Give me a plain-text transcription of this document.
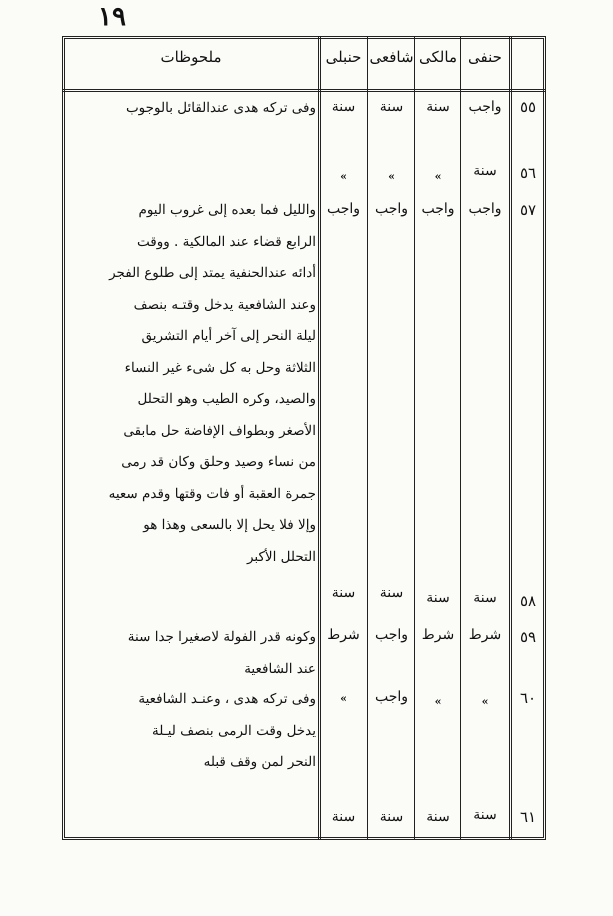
١٩
حنفى
مالكى
شافعى
حنبلى
ملحوظات
٥٥
واجب
سنة
سنة
سنة
وفى تركه هدى عندالقائل بالوجوب
٥٦
سنة
»
»
»
٥٧
واجب
واجب
واجب
واجب
والليل فما بعده إلى غروب اليوم
الرابع قضاء عند المالكية . ووقت
أدائه عندالحنفية يمتد إلى طلوع الفجر
وعند الشافعية يدخل وقتـه بنصف
ليلة النحر إلى آخر أيام التشريق
الثلاثة وحل به كل شىء غير النساء
والصيد، وكره الطيب وهو التحلل
الأصغر وبطواف الإفاضة حل مابقى
من نساء وصيد وحلق وكان قد رمى
جمرة العقبة أو فات وقتها وقدم سعيه
وإلا فلا يحل إلا بالسعى وهذا هو
التحلل الأكبر
٥٨
سنة
سنة
سنة
سنة
٥٩
شرط
شرط
واجب
شرط
وكونه قدر الفولة لاصغيرا جدا سنة
عند الشافعية
٦٠
»
»
واجب
»
وفى تركه هدى ، وعنـد الشافعية
يدخل وقت الرمى بنصف ليـلة
النحر لمن وقف قبله
٦١
سنة
سنة
سنة
سنة
